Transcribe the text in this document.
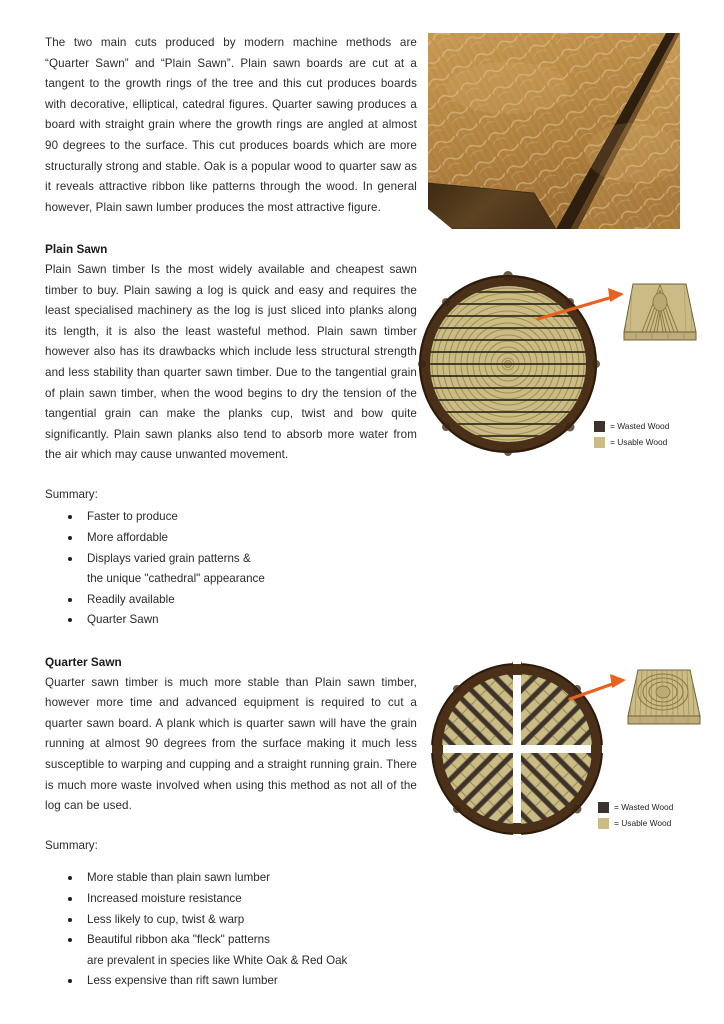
The two main cuts produced by modern machine methods are “Quarter Sawn” and “Plain Sawn”. Plain sawn boards are cut at a tangent to the growth rings of the tree and this cut produces boards with decorative, elliptical, catedral figures. Quarter sawing produces a board with straight grain where the growth rings are angled at almost 90 degrees to the surface. This cut produces boards which are more structurally strong and stable. Oak is a popular wood to quarter saw as it reveals attractive ribbon like patterns through the wood. In general however, Plain sawn lumber produces the most attractive figure.

Plain Sawn

Plain Sawn timber Is the most widely available and cheapest sawn timber to buy. Plain sawing a log is quick and easy and requires the least specialised machinery as the log is just sliced into planks along its length, it is also the least wasteful method. Plain sawn timber however also has its drawbacks which include less structural strength and less stability than quarter sawn timber. Due to the tangential grain of plain sawn timber, when the wood begins to dry the tension of the tangential grain can make the planks cup, twist and bow quite significantly. Plain sawn planks also tend to absorb more water from the air which may cause unwanted movement.

Summary:
Faster to produce
More affordable
Displays varied grain patterns &
the unique "cathedral" appearance
Readily available
Quarter Sawn
Quarter Sawn

Quarter sawn timber is much more stable than Plain sawn timber, however more time and advanced equipment is required to cut a quarter sawn board. A plank which is quarter sawn will have the grain running at almost 90 degrees from the surface making it much less susceptible to warping and cupping and a straight running grain. There is much more waste involved when using this method as not all of the log can be used.

Summary:
More stable than plain sawn lumber
Increased moisture resistance
Less likely to cup, twist & warp
Beautiful ribbon aka "fleck" patterns
are prevalent in species like White Oak & Red Oak
Less expensive than rift sawn lumber
= Wasted Wood
= Usable Wood
= Wasted Wood
= Usable Wood
